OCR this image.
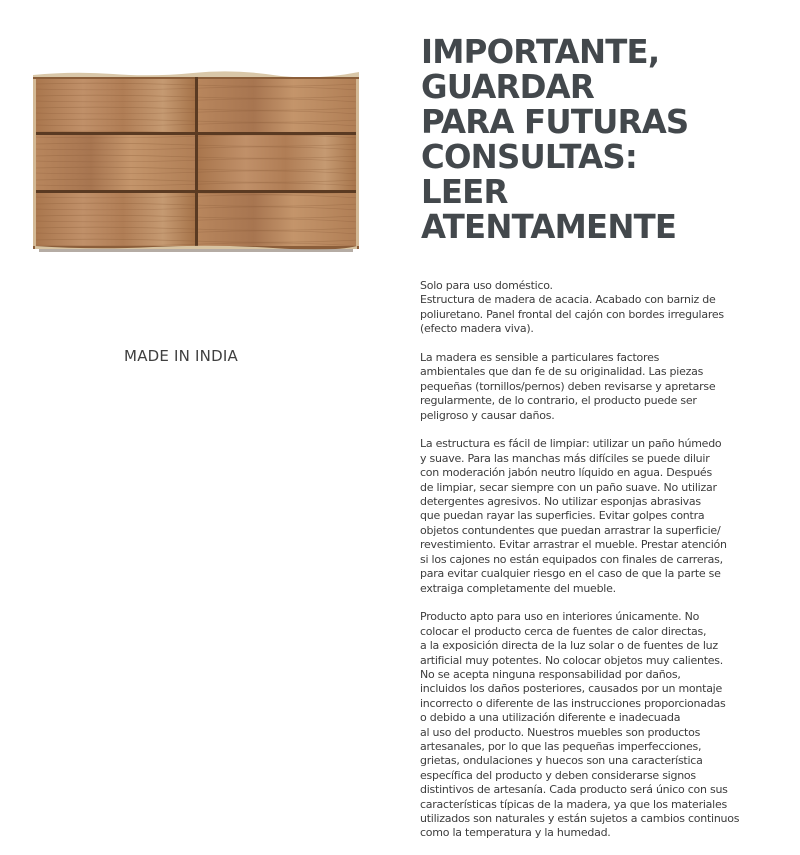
MADE IN INDIA
IMPORTANTE,
GUARDAR
PARA FUTURAS
CONSULTAS:
LEER
ATENTAMENTE
Solo para uso doméstico.
Estructura de madera de acacia. Acabado con barniz de
poliuretano. Panel frontal del cajón con bordes irregulares
(efecto madera viva).
La madera es sensible a particulares factores
ambientales que dan fe de su originalidad. Las piezas
pequeñas (tornillos/pernos) deben revisarse y apretarse
regularmente, de lo contrario, el producto puede ser
peligroso y causar daños.
La estructura es fácil de limpiar: utilizar un paño húmedo
y suave. Para las manchas más difíciles se puede diluir
con moderación jabón neutro líquido en agua. Después
de limpiar, secar siempre con un paño suave. No utilizar
detergentes agresivos. No utilizar esponjas abrasivas
que puedan rayar las superficies. Evitar golpes contra
objetos contundentes que puedan arrastrar la superficie/
revestimiento. Evitar arrastrar el mueble. Prestar atención
si los cajones no están equipados con finales de carreras,
para evitar cualquier riesgo en el caso de que la parte se
extraiga completamente del mueble.
Producto apto para uso en interiores únicamente. No
colocar el producto cerca de fuentes de calor directas,
a la exposición directa de la luz solar o de fuentes de luz
artificial muy potentes. No colocar objetos muy calientes.
No se acepta ninguna responsabilidad por daños,
incluidos los daños posteriores, causados por un montaje
incorrecto o diferente de las instrucciones proporcionadas
o debido a una utilización diferente e inadecuada
al uso del producto. Nuestros muebles son productos
artesanales, por lo que las pequeñas imperfecciones,
grietas, ondulaciones y huecos son una característica
específica del producto y deben considerarse signos
distintivos de artesanía. Cada producto será único con sus
características típicas de la madera, ya que los materiales
utilizados son naturales y están sujetos a cambios continuos
como la temperatura y la humedad.
